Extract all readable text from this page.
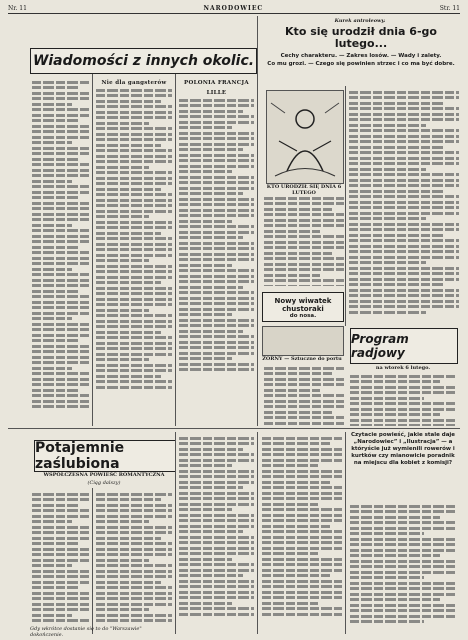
Nr. 11	NARODOWIEC	Str. 11
Wiadomości z innych okolic.
Nie dla gangsterów	POLONIA FRANCJA
LILLE
Kurek antroleowy.
Kto się urodził dnia 6-go lutego...
Cechy charakteru. — Zakres losów. — Wady i zalety.
Co mu grozi. — Czego się powinien strzec i co ma być dobre.
KTO URODZIŁ SIĘ DNIA 6 LUTEGO
Nowy wiwatek chustoraki
do nosa.
ŻORNY — Sztuczne do portu
Program radjowy
na wtorek 6 lutego.
Potajemnie zaślubiona
WSPÓŁCZESNA POWIEŚĆ ROMANTYCZNA
(Ciąg dalszy)
Czytacie powieść, jakie stale daje „Narodowiec” i „Ilustracja” — a któryście już wymienili rowerów i kurtków czy mianowicie poradnik na miejscu dla kobiet z komisji?
Gdy wkrótce dostanie się to do "Warszawie" dokończenie.
